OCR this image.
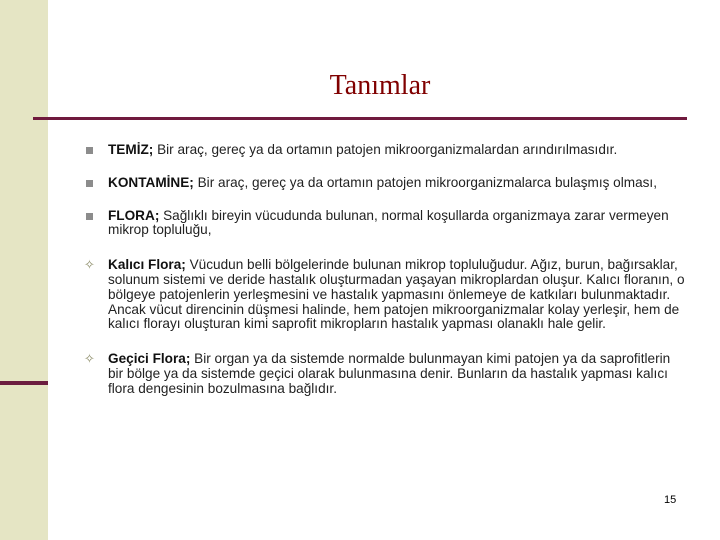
Tanımlar
TEMİZ; Bir araç, gereç ya da ortamın patojen mikroorganizmalardan arındırılmasıdır.
KONTAMİNE; Bir araç, gereç ya da ortamın patojen mikroorganizmalarca bulaşmış olması,
FLORA; Sağlıklı bireyin vücudunda bulunan, normal koşullarda organizmaya zarar vermeyen mikrop topluluğu,
✧ Kalıcı Flora; Vücudun belli bölgelerinde bulunan mikrop topluluğudur. Ağız, burun, bağırsaklar, solunum sistemi ve deride hastalık oluşturmadan yaşayan mikroplardan oluşur. Kalıcı floranın, o bölgeye patojenlerin yerleşmesini ve hastalık yapmasını önlemeye de katkıları bulunmaktadır. Ancak vücut direncinin düşmesi halinde, hem patojen mikroorganizmalar kolay yerleşir, hem de kalıcı florayı oluşturan kimi saprofit mikropların hastalık yapması olanaklı hale gelir.
✧ Geçici Flora; Bir organ ya da sistemde normalde bulunmayan kimi patojen ya da saprofitlerin bir bölge ya da sistemde geçici olarak bulunmasına denir. Bunların da hastalık yapması kalıcı flora dengesinin bozulmasına bağlıdır.
15
